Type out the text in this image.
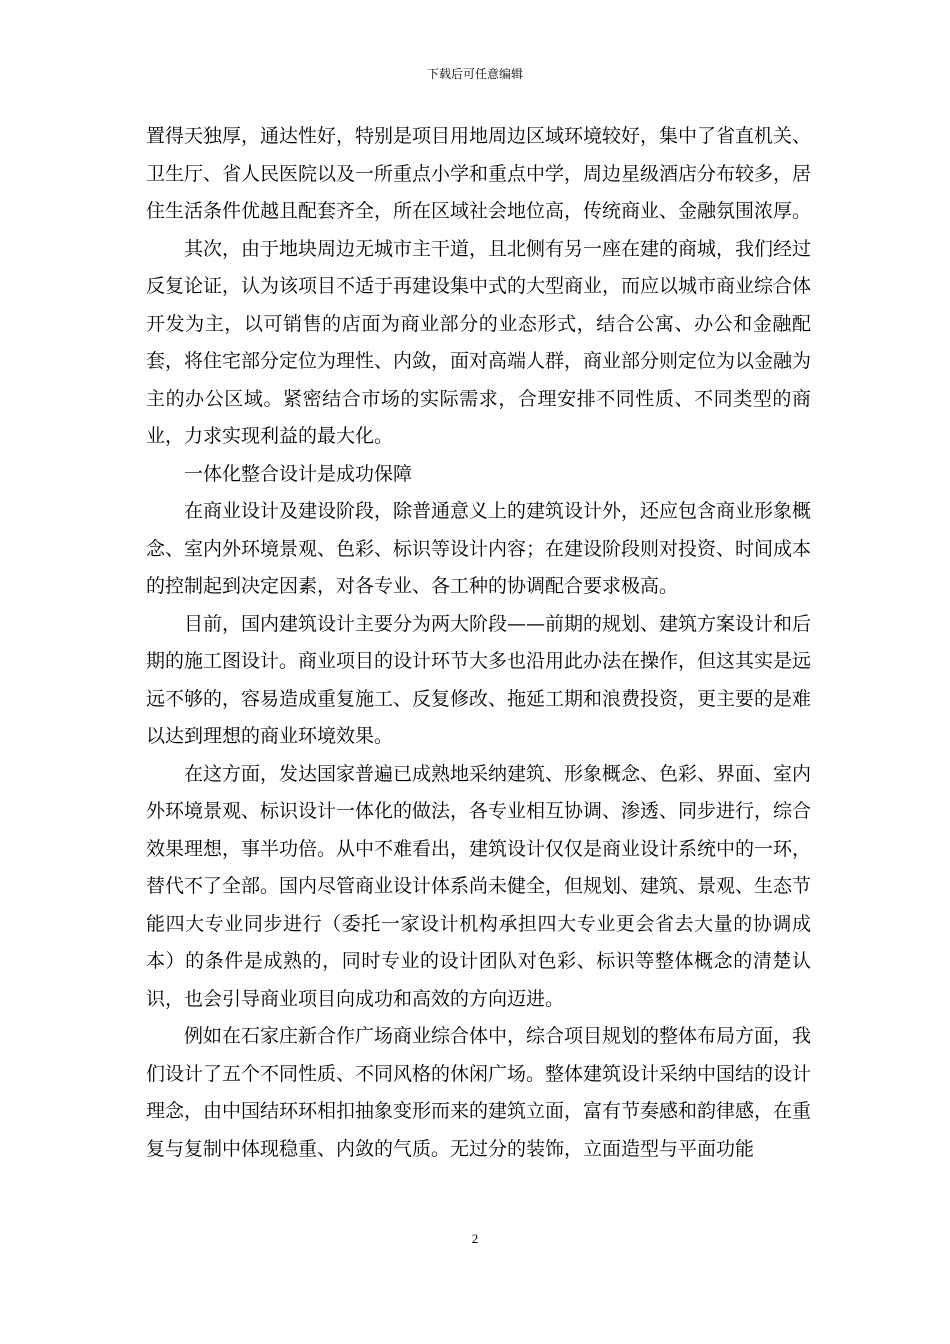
下载后可任意编辑

置得天独厚，通达性好，特别是项目用地周边区域环境较好，集中了省直机关、卫生厅、省人民医院以及一所重点小学和重点中学，周边星级酒店分布较多，居住生活条件优越且配套齐全，所在区域社会地位高，传统商业、金融氛围浓厚。

其次，由于地块周边无城市主干道，且北侧有另一座在建的商城，我们经过反复论证，认为该项目不适于再建设集中式的大型商业，而应以城市商业综合体开发为主，以可销售的店面为商业部分的业态形式，结合公寓、办公和金融配套，将住宅部分定位为理性、内敛，面对高端人群，商业部分则定位为以金融为主的办公区域。紧密结合市场的实际需求，合理安排不同性质、不同类型的商业，力求实现利益的最大化。

一体化整合设计是成功保障

在商业设计及建设阶段，除普通意义上的建筑设计外，还应包含商业形象概念、室内外环境景观、色彩、标识等设计内容；在建设阶段则对投资、时间成本的控制起到决定因素，对各专业、各工种的协调配合要求极高。

目前，国内建筑设计主要分为两大阶段——前期的规划、建筑方案设计和后期的施工图设计。商业项目的设计环节大多也沿用此办法在操作，但这其实是远远不够的，容易造成重复施工、反复修改、拖延工期和浪费投资，更主要的是难以达到理想的商业环境效果。

在这方面，发达国家普遍已成熟地采纳建筑、形象概念、色彩、界面、室内外环境景观、标识设计一体化的做法，各专业相互协调、渗透、同步进行，综合效果理想，事半功倍。从中不难看出，建筑设计仅仅是商业设计系统中的一环，替代不了全部。国内尽管商业设计体系尚未健全，但规划、建筑、景观、生态节能四大专业同步进行（委托一家设计机构承担四大专业更会省去大量的协调成本）的条件是成熟的，同时专业的设计团队对色彩、标识等整体概念的清楚认识，也会引导商业项目向成功和高效的方向迈进。

例如在石家庄新合作广场商业综合体中，综合项目规划的整体布局方面，我们设计了五个不同性质、不同风格的休闲广场。整体建筑设计采纳中国结的设计理念，由中国结环环相扣抽象变形而来的建筑立面，富有节奏感和韵律感，在重复与复制中体现稳重、内敛的气质。无过分的装饰，立面造型与平面功能

2
